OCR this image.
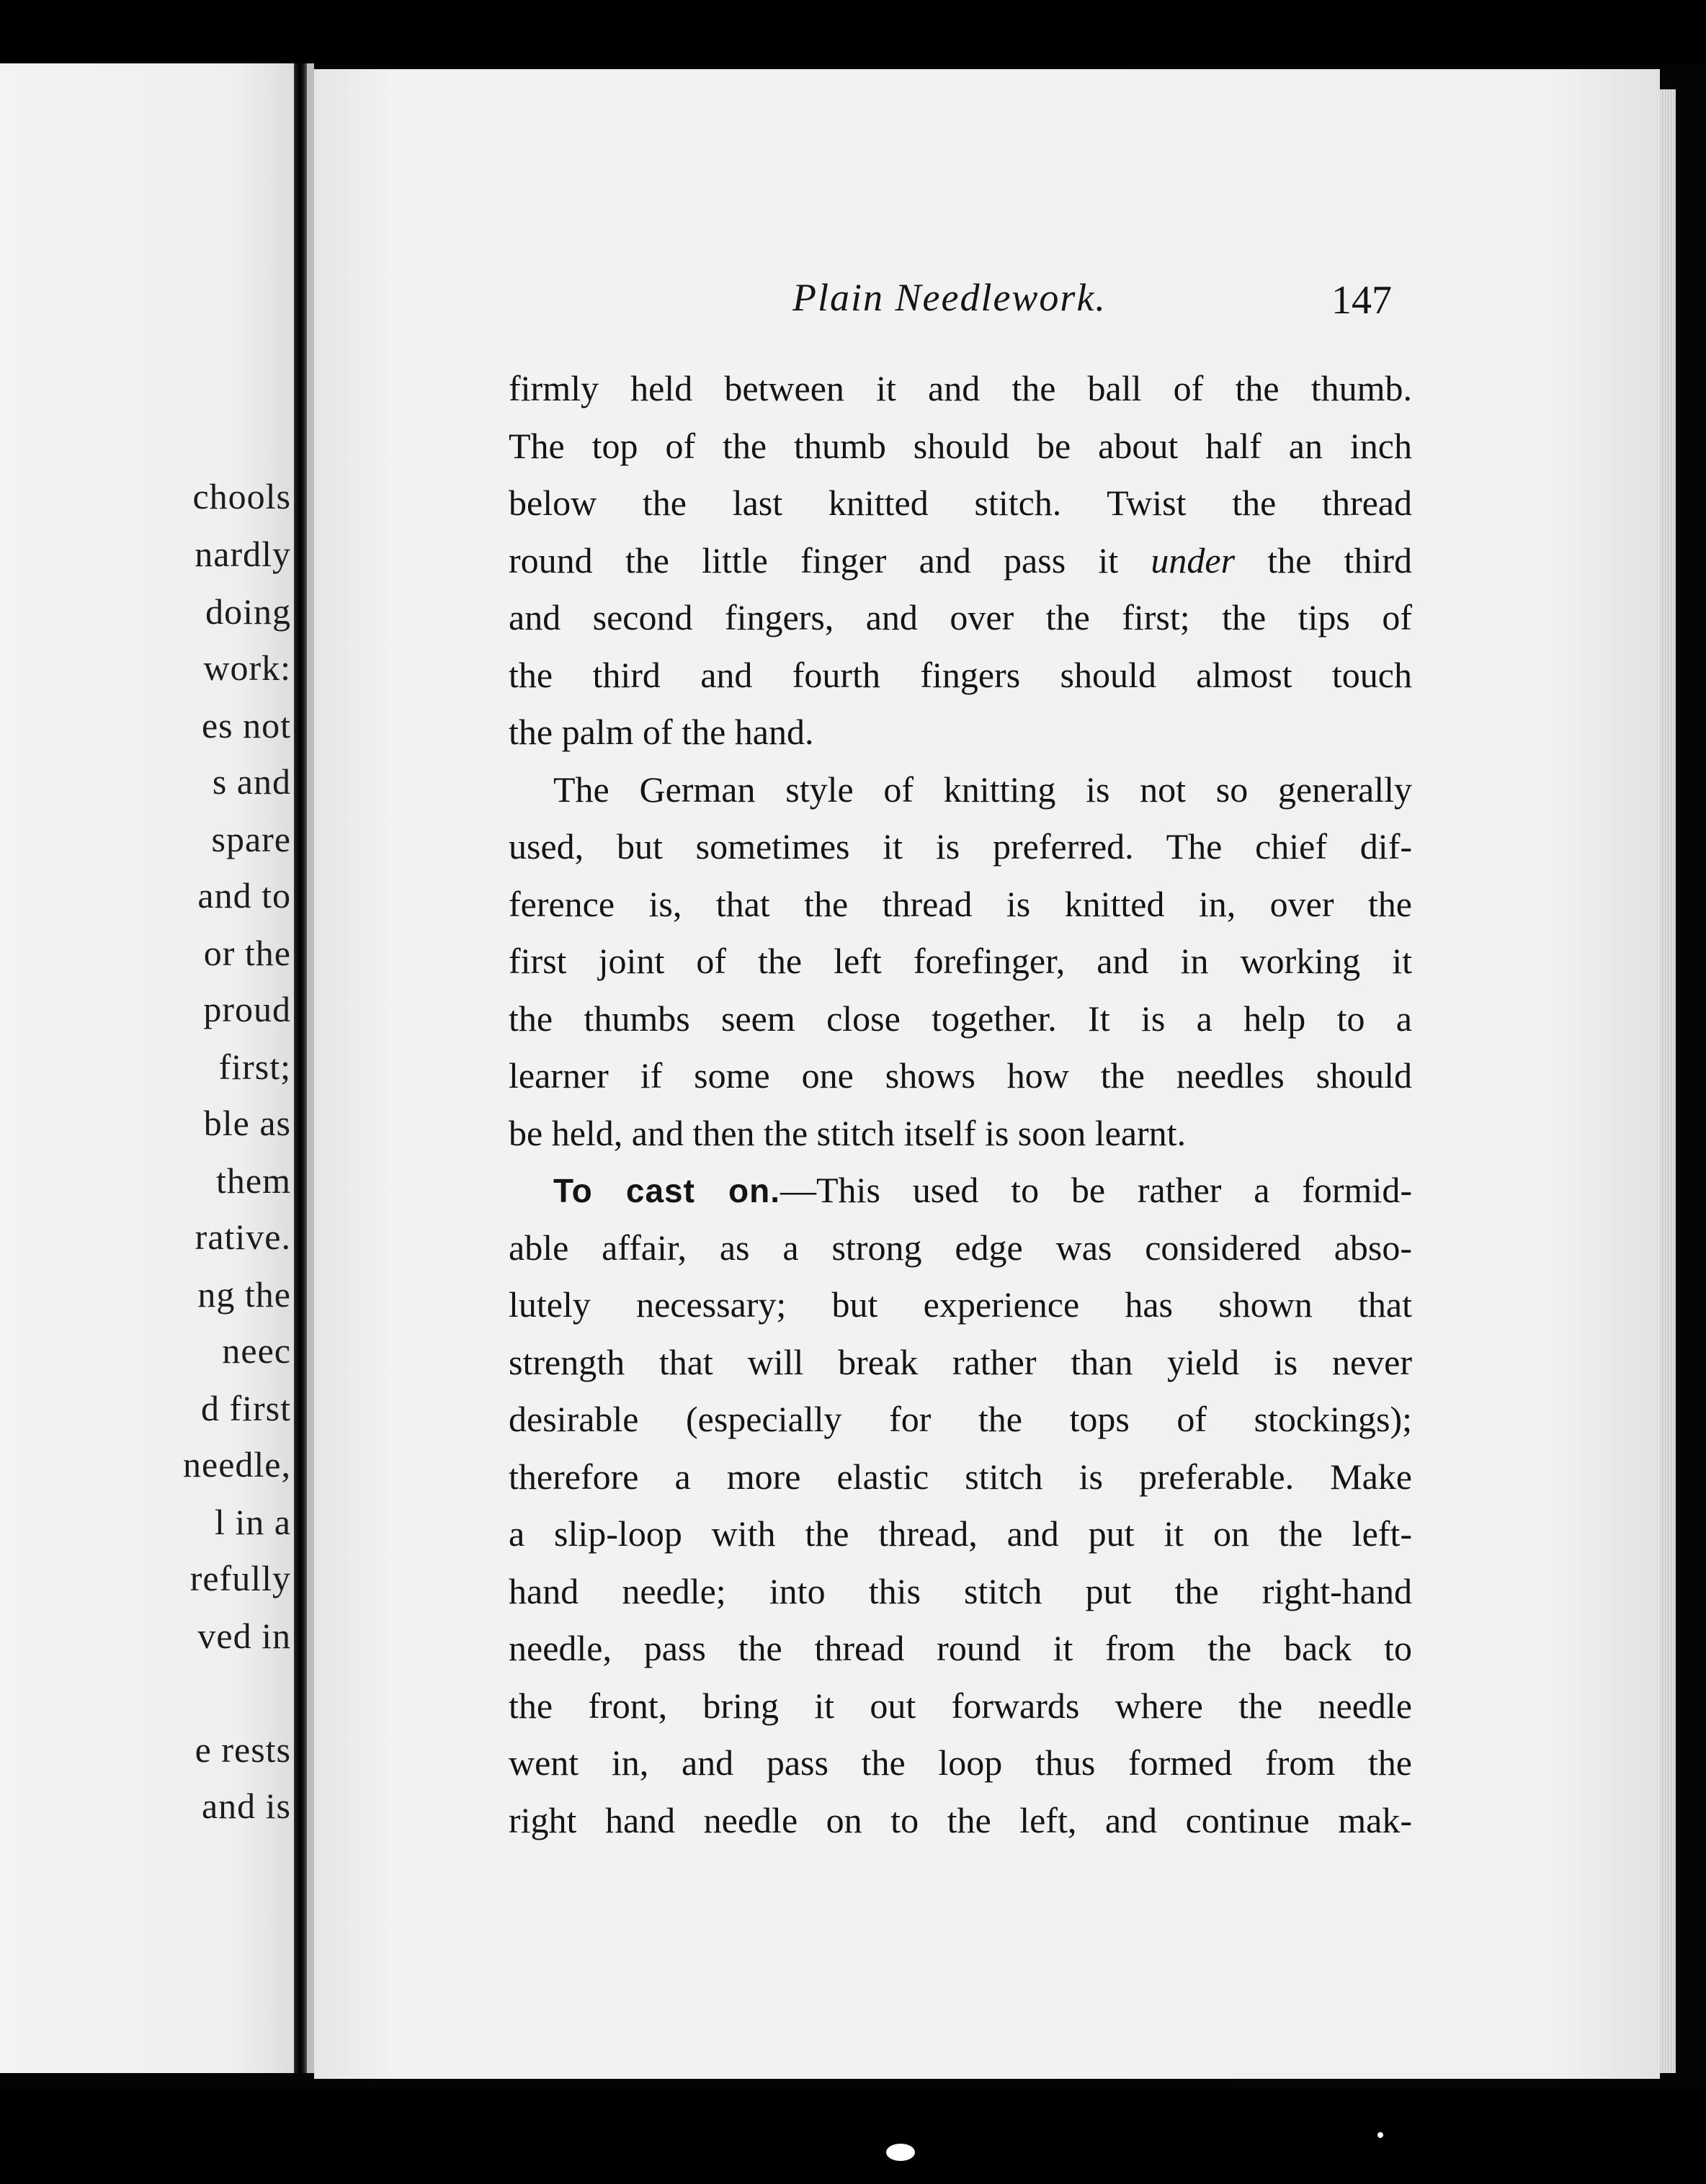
chools
nardly
doing
work:
es not
s and
spare
and to
or the
proud
first;
ble as
them
rative.
ng the
neec
d first
needle,
l in a
refully
ved in
e rests
and is
Plain Needlework.	147
firmly held between it and the ball of the thumb.
The top of the thumb should be about half an inch
below the last knitted stitch. Twist the thread
round the little finger and pass it under the third
and second fingers, and over the first; the tips of
the third and fourth fingers should almost touch
the palm of the hand.
The German style of knitting is not so generally
used, but sometimes it is preferred. The chief dif-
ference is, that the thread is knitted in, over the
first joint of the left forefinger, and in working it
the thumbs seem close together. It is a help to a
learner if some one shows how the needles should
be held, and then the stitch itself is soon learnt.
To cast on.—This used to be rather a formid-
able affair, as a strong edge was considered abso-
lutely necessary; but experience has shown that
strength that will break rather than yield is never
desirable (especially for the tops of stockings);
therefore a more elastic stitch is preferable. Make
a slip-loop with the thread, and put it on the left-
hand needle; into this stitch put the right-hand
needle, pass the thread round it from the back to
the front, bring it out forwards where the needle
went in, and pass the loop thus formed from the
right hand needle on to the left, and continue mak-
